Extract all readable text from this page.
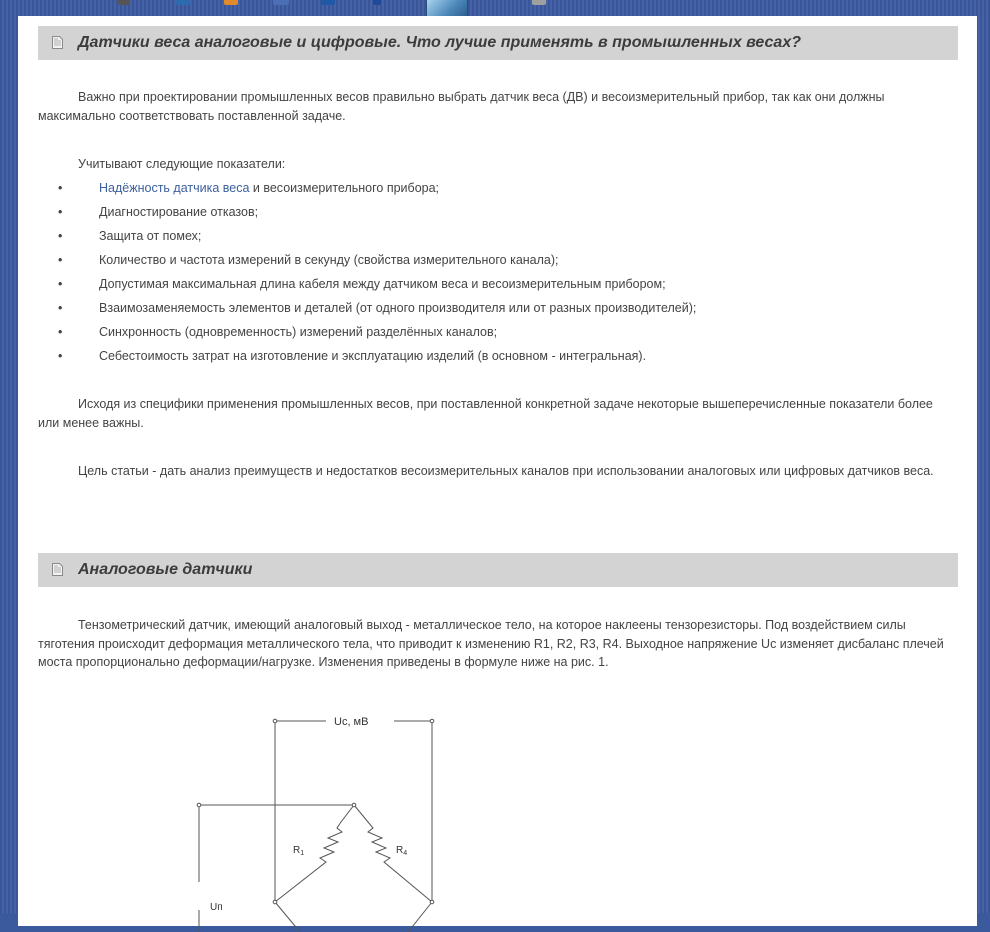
Датчики веса аналоговые и цифровые. Что лучше применять в промышленных весах?

Важно при проектировании промышленных весов правильно выбрать датчик веса (ДВ) и весоизмерительный прибор, так как они должны максимально соответствовать поставленной задаче.

Учитывают следующие показатели:
•	Надёжность датчика веса и весоизмерительного прибора;
•	Диагностирование отказов;
•	Защита от помех;
•	Количество и частота измерений в секунду (свойства измерительного канала);
•	Допустимая максимальная длина кабеля между датчиком веса и весоизмерительным прибором;
•	Взаимозаменяемость элементов и деталей (от одного производителя или от разных производителей);
•	Синхронность (одновременность) измерений разделённых каналов;
•	Себестоимость затрат на изготовление и эксплуатацию изделий (в основном - интегральная).

Исходя из специфики применения промышленных весов, при поставленной конкретной задаче некоторые вышеперечисленные показатели более или менее важны.

Цель статьи - дать анализ преимуществ и недостатков весоизмерительных каналов при использовании аналоговых или цифровых датчиков веса.

Аналоговые датчики

Тензометрический датчик, имеющий аналоговый выход - металлическое тело, на которое наклеены тензорезисторы. Под воздействием силы тяготения происходит деформация металлического тела, что приводит к изменению R1, R2, R3, R4. Выходное напряжение Uс изменяет дисбаланс плечей моста пропорционально деформации/нагрузке. Изменения приведены в формуле ниже на рис. 1.

Uc, мВ
$R_1$	$R_4$
Uп
